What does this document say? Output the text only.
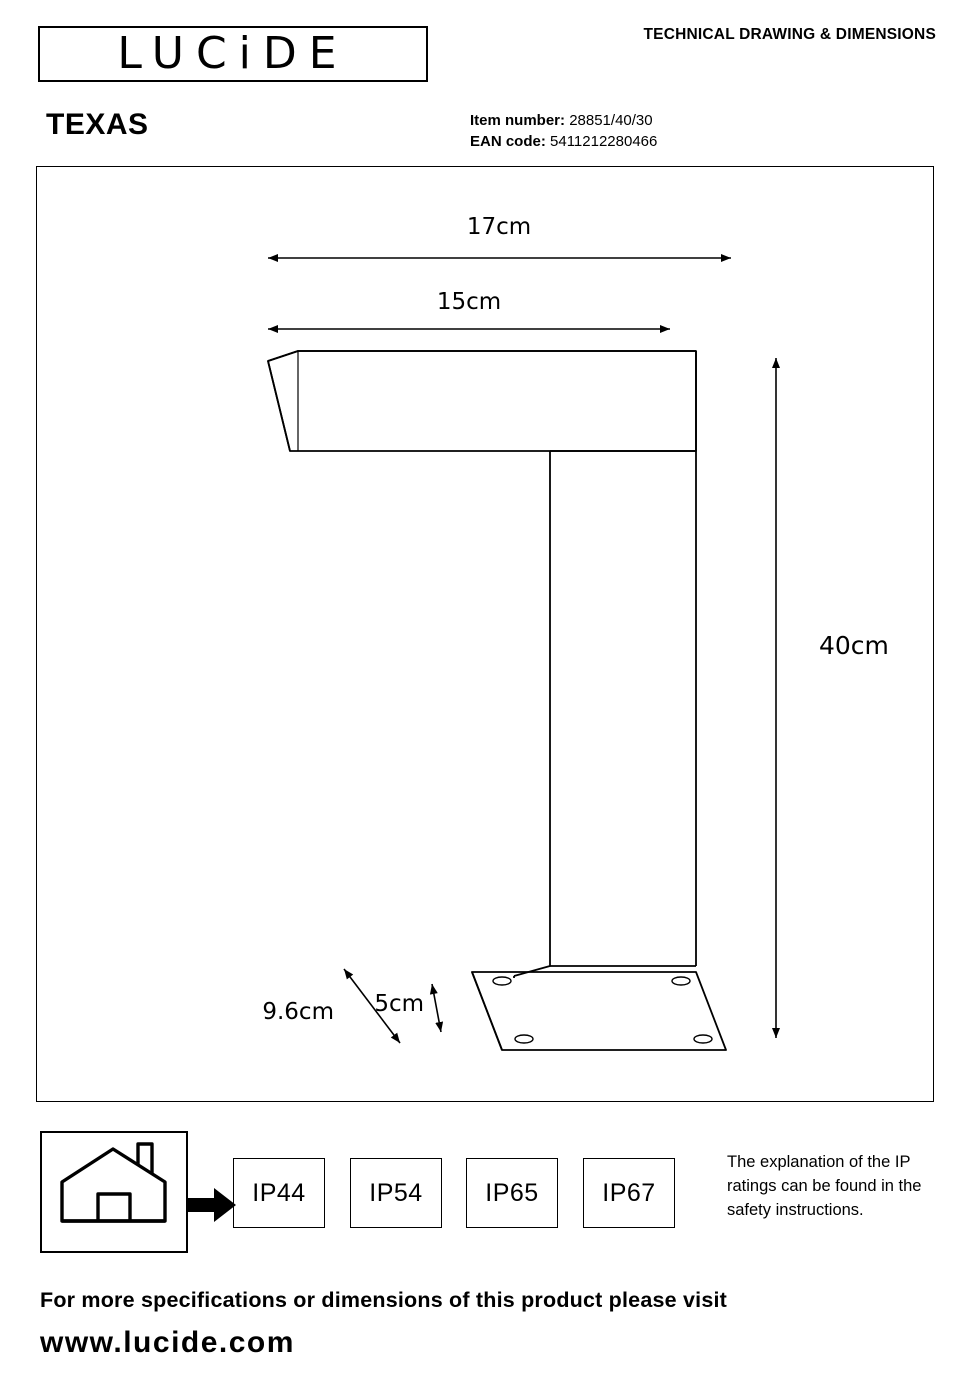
LUCiDE	TECHNICAL DRAWING & DIMENSIONS
TEXAS	Item number: 28851/40/30
EAN code: 5411212280466
17cm
15cm
40cm
9.6cm 5cm
IP44	IP54	IP65	IP67
The explanation of the IP ratings can be found in the safety instructions.
For more specifications or dimensions of this product please visit
www.lucide.com
